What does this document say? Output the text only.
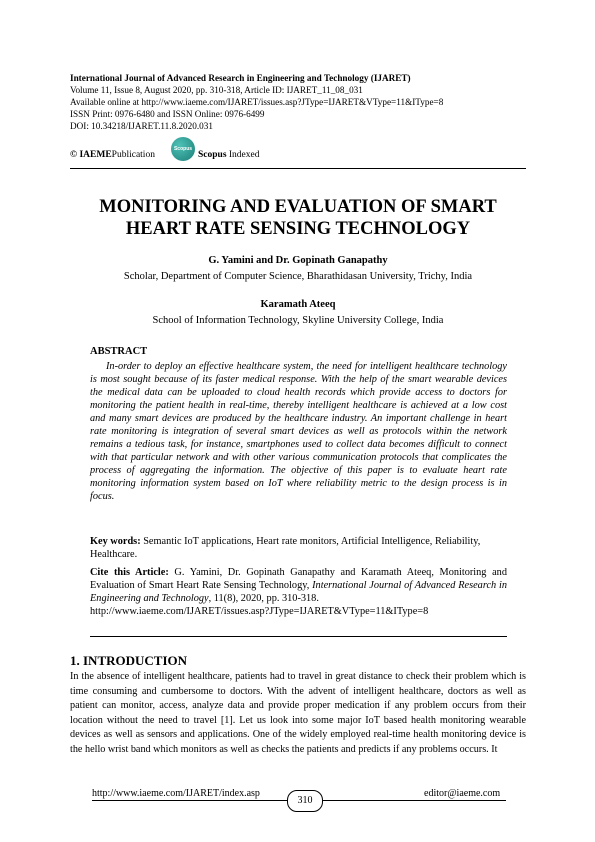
International Journal of Advanced Research in Engineering and Technology (IJARET)
Volume 11, Issue 8, August 2020, pp. 310-318, Article ID: IJARET_11_08_031
Available online at http://www.iaeme.com/IJARET/issues.asp?JType=IJARET&VType=11&IType=8
ISSN Print: 0976-6480 and ISSN Online: 0976-6499
DOI: 10.34218/IJARET.11.8.2020.031
Scopus
© IAEME Publication	Scopus Indexed
MONITORING AND EVALUATION OF SMART
HEART RATE SENSING TECHNOLOGY
G. Yamini and Dr. Gopinath Ganapathy
Scholar, Department of Computer Science, Bharathidasan University, Trichy, India
Karamath Ateeq
School of Information Technology, Skyline University College, India
ABSTRACT
In-order to deploy an effective healthcare system, the need for intelligent healthcare technology is most sought because of its faster medical response. With the help of the smart wearable devices the medical data can be uploaded to cloud health records which provide access to doctors for monitoring the patient health in real-time, thereby intelligent healthcare is achieved at a low cost and many smart devices are produced by the healthcare industry. An important challenge in heart rate monitoring is integration of several smart devices as well as protocols within the network remains a tedious task, for instance, smartphones used to collect data becomes difficult to connect with that particular network and with other various communication protocols that complicates the process of aggregating the information. The objective of this paper is to evaluate heart rate monitoring information system based on IoT where reliability metric to the design process is in focus.
Key words: Semantic IoT applications, Heart rate monitors, Artificial Intelligence, Reliability, Healthcare.
Cite this Article: G. Yamini, Dr. Gopinath Ganapathy and Karamath Ateeq, Monitoring and Evaluation of Smart Heart Rate Sensing Technology, International Journal of Advanced Research in Engineering and Technology, 11(8), 2020, pp. 310-318.
http://www.iaeme.com/IJARET/issues.asp?JType=IJARET&VType=11&IType=8
1. INTRODUCTION
In the absence of intelligent healthcare, patients had to travel in great distance to check their problem which is time consuming and cumbersome to doctors. With the advent of intelligent healthcare, doctors as well as patient can monitor, access, analyze data and provide proper medication if any problem occurs from their location without the need to travel [1]. Let us look into some major IoT based health monitoring wearable devices as well as sensors and applications. One of the widely employed real-time health monitoring device is the hello wrist band which monitors as well as checks the patients and predicts if any problems occurs. It
http://www.iaeme.com/IJARET/index.asp
310
editor@iaeme.com
